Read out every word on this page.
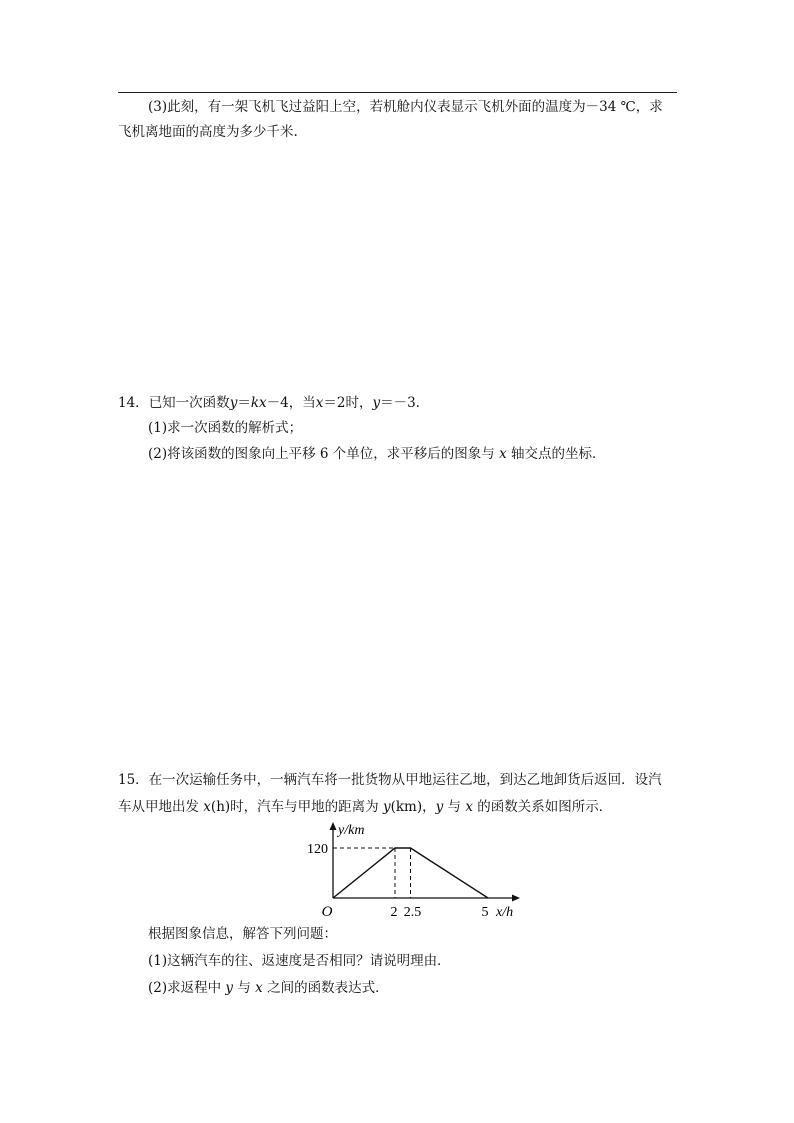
(3)此刻，有一架飞机飞过益阳上空，若机舱内仪表显示飞机外面的温度为－34 ℃，求
飞机离地面的高度为多少千米.
14．已知一次函数y＝kx－4，当x＝2时，y＝－3.
(1)求一次函数的解析式；
(2)将该函数的图象向上平移 6 个单位，求平移后的图象与 x 轴交点的坐标．
15．在一次运输任务中，一辆汽车将一批货物从甲地运往乙地，到达乙地卸货后返回．设汽
车从甲地出发 x(h)时，汽车与甲地的距离为 y(km)，y 与 x 的函数关系如图所示．
y/km
x/h
O
120
2 2.5	5
根据图象信息，解答下列问题：
(1)这辆汽车的往、返速度是否相同？请说明理由．
(2)求返程中 y 与 x 之间的函数表达式．
